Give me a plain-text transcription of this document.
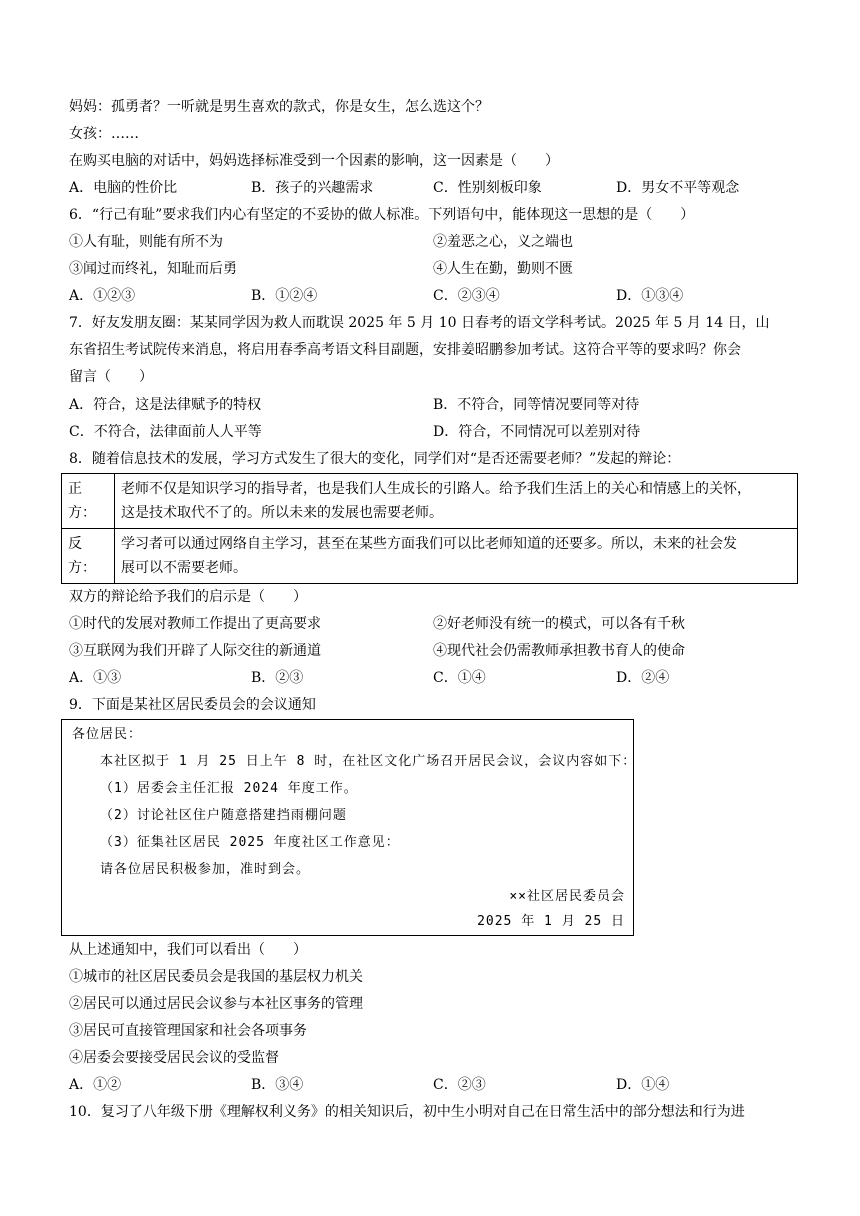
妈妈：孤勇者？一听就是男生喜欢的款式，你是女生，怎么选这个？
女孩：……
在购买电脑的对话中，妈妈选择标准受到一个因素的影响，这一因素是（　　）
A．电脑的性价比	B．孩子的兴趣需求	C．性别刻板印象	D．男女不平等观念
6．“行己有耻”要求我们内心有坚定的不妥协的做人标准。下列语句中，能体现这一思想的是（　　）
①人有耻，则能有所不为	②羞恶之心，义之端也
③闻过而终礼，知耻而后勇	④人生在勤，勤则不匮
A．①②③	B．①②④	C．②③④	D．①③④
7．好友发朋友圈：某某同学因为救人而耽误 2025 年 5 月 10 日春考的语文学科考试。2025 年 5 月 14 日，山
东省招生考试院传来消息，将启用春季高考语文科目副题，安排姜昭鹏参加考试。这符合平等的要求吗？你会
留言（　　）
A．符合，这是法律赋予的特权	B．不符合，同等情况要同等对待
C．不符合，法律面前人人平等	D．符合，不同情况可以差别对待
8．随着信息技术的发展，学习方式发生了很大的变化，同学们对“是否还需要老师？”发起的辩论：
正方：	老师不仅是知识学习的指导者，也是我们人生成长的引路人。给予我们生活上的关心和情感上的关怀，
这是技术取代不了的。所以未来的发展也需要老师。
反方：	学习者可以通过网络自主学习，甚至在某些方面我们可以比老师知道的还要多。所以，未来的社会发
展可以不需要老师。
双方的辩论给予我们的启示是（　　）
①时代的发展对教师工作提出了更高要求	②好老师没有统一的模式，可以各有千秋
③互联网为我们开辟了人际交往的新通道	④现代社会仍需教师承担教书育人的使命
A．①③	B．②③	C．①④	D．②④
9．下面是某社区居民委员会的会议通知
各位居民：
本社区拟于 1 月 25 日上午 8 时，在社区文化广场召开居民会议，会议内容如下：
（1）居委会主任汇报 2024 年度工作。
（2）讨论社区住户随意搭建挡雨棚问题
（3）征集社区居民 2025 年度社区工作意见：
请各位居民积极参加，准时到会。
××社区居民委员会
2025 年 1 月 25 日
从上述通知中，我们可以看出（　　）
①城市的社区居民委员会是我国的基层权力机关
②居民可以通过居民会议参与本社区事务的管理
③居民可直接管理国家和社会各项事务
④居委会要接受居民会议的受监督
A．①②	B．③④	C．②③	D．①④
10．复习了八年级下册《理解权利义务》的相关知识后，初中生小明对自己在日常生活中的部分想法和行为进
